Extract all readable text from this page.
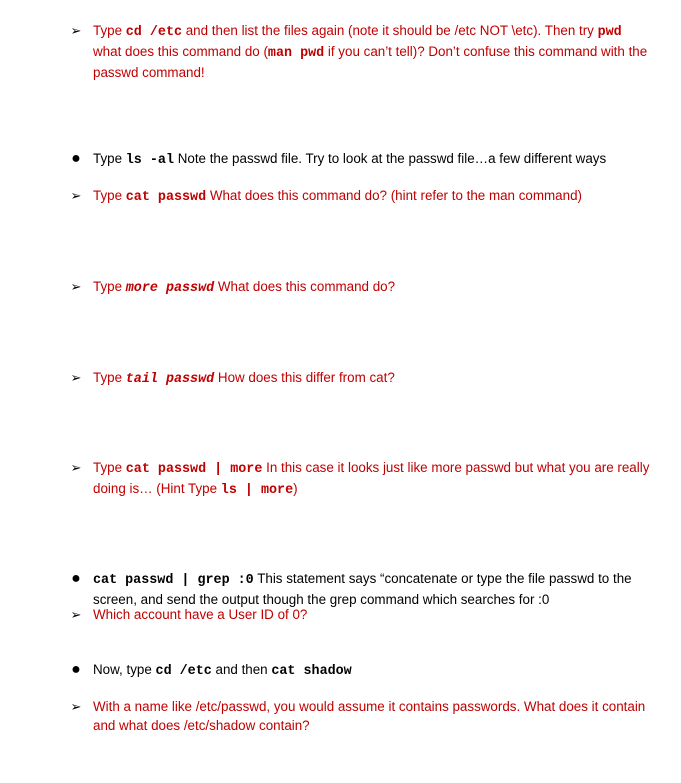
➢ Type cd /etc and then list the files again (note it should be /etc NOT \etc). Then try pwd what does this command do (man pwd if you can’t tell)? Don’t confuse this command with the passwd command!
● Type ls -al Note the passwd file. Try to look at the passwd file…a few different ways
➢ Type cat passwd What does this command do? (hint refer to the man command)
➢ Type more passwd What does this command do?
➢ Type tail passwd How does this differ from cat?
➢ Type cat passwd | more In this case it looks just like more passwd but what you are really doing is… (Hint Type ls | more)
● cat passwd | grep :0 This statement says “concatenate or type the file passwd to the screen, and send the output though the grep command which searches for :0
➢ Which account have a User ID of 0?
● Now, type cd /etc and then cat shadow
➢ With a name like /etc/passwd, you would assume it contains passwords. What does it contain and what does /etc/shadow contain?
